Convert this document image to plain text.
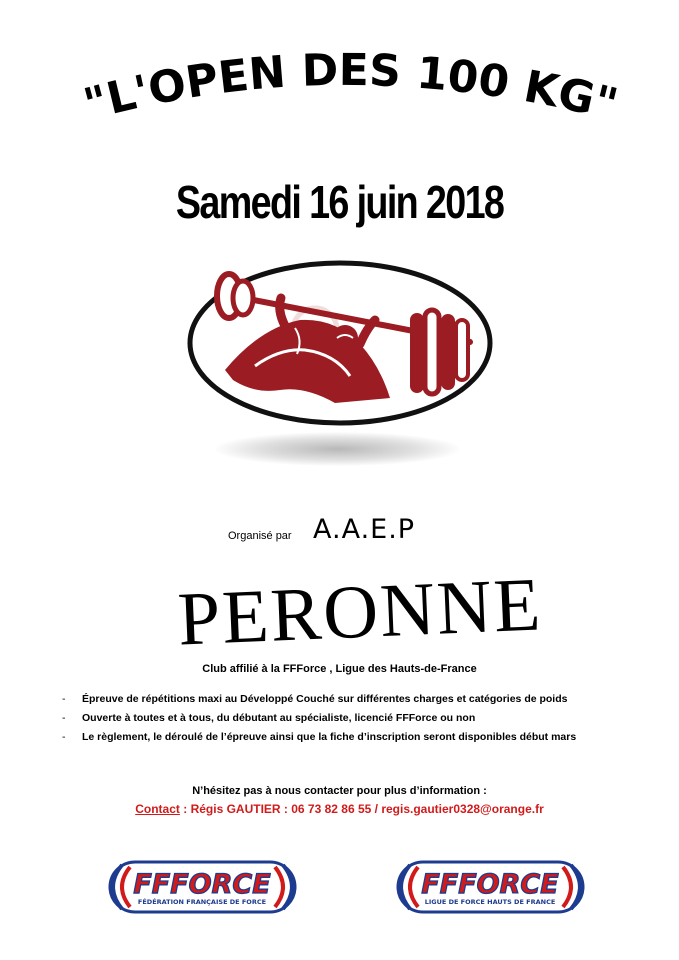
"L'OPEN DES 100 KG"
Samedi 16 juin 2018
Organisé par A.A.E.P
PERONNE
Club affilié à la FFForce , Ligue des Hauts-de-France
- Épreuve de répétitions maxi au Développé Couché sur différentes charges et catégories de poids
- Ouverte à toutes et à tous, du débutant au spécialiste, licencié FFForce ou non
- Le règlement, le déroulé de l’épreuve ainsi que la fiche d’inscription seront disponibles début mars
N’hésitez pas à nous contacter pour plus d’information :
Contact : Régis GAUTIER : 06 73 82 86 55 / regis.gautier0328@orange.fr
FFFORCE
FÉDÉRATION FRANÇAISE DE FORCE
FFFORCE
LIGUE DE FORCE HAUTS DE FRANCE
